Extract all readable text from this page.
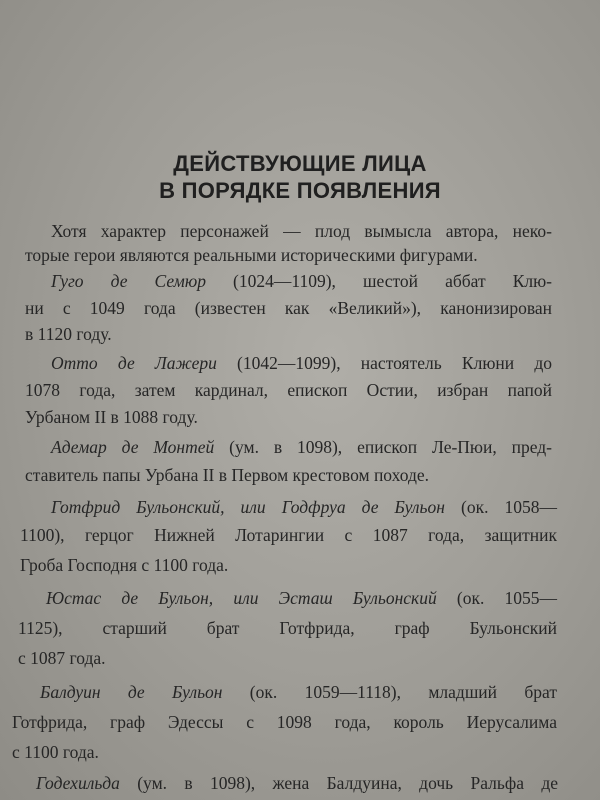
ДЕЙСТВУЮЩИЕ ЛИЦА
В ПОРЯДКЕ ПОЯВЛЕНИЯ
Хотя характер персонажей — плод вымысла автора, неко-
торые герои являются реальными историческими фигурами.
Гуго де Семюр (1024—1109), шестой аббат Клю-
ни с 1049 года (известен как «Великий»), канонизирован
в 1120 году.
Отто де Лажери (1042—1099), настоятель Клюни до
1078 года, затем кардинал, епископ Остии, избран папой
Урбаном II в 1088 году.
Адемар де Монтей (ум. в 1098), епископ Ле-Пюи, пред-
ставитель папы Урбана II в Первом крестовом походе.
Готфрид Бульонский, или Годфруа де Бульон (ок. 1058—
1100), герцог Нижней Лотарингии с 1087 года, защитник
Гроба Господня с 1100 года.
Юстас де Бульон, или Эсташ Бульонский (ок. 1055—
1125), старший брат Готфрида, граф Бульонский
с 1087 года.
Балдуин де Бульон (ок. 1059—1118), младший брат
Готфрида, граф Эдессы с 1098 года, король Иерусалима
с 1100 года.
Годехильда (ум. в 1098), жена Балдуина, дочь Ральфа де
